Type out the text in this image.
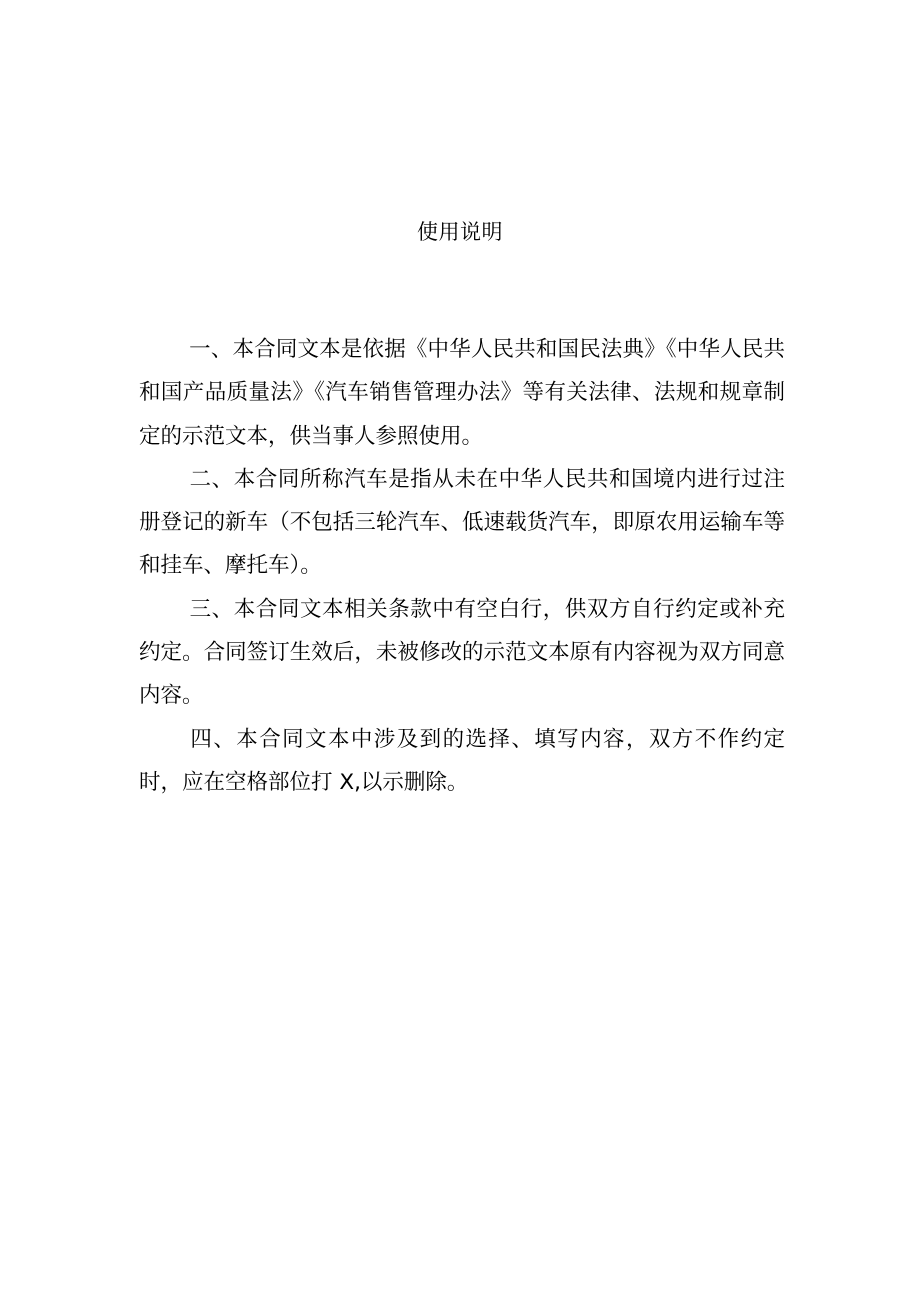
使用说明

一、本合同文本是依据《中华人民共和国民法典》《中华人民共和国产品质量法》《汽车销售管理办法》等有关法律、法规和规章制定的示范文本，供当事人参照使用。

二、本合同所称汽车是指从未在中华人民共和国境内进行过注册登记的新车（不包括三轮汽车、低速载货汽车，即原农用运输车等和挂车、摩托车）。

三、本合同文本相关条款中有空白行，供双方自行约定或补充约定。合同签订生效后，未被修改的示范文本原有内容视为双方同意内容。

四、本合同文本中涉及到的选择、填写内容，双方不作约定时，应在空格部位打 X,以示删除。
